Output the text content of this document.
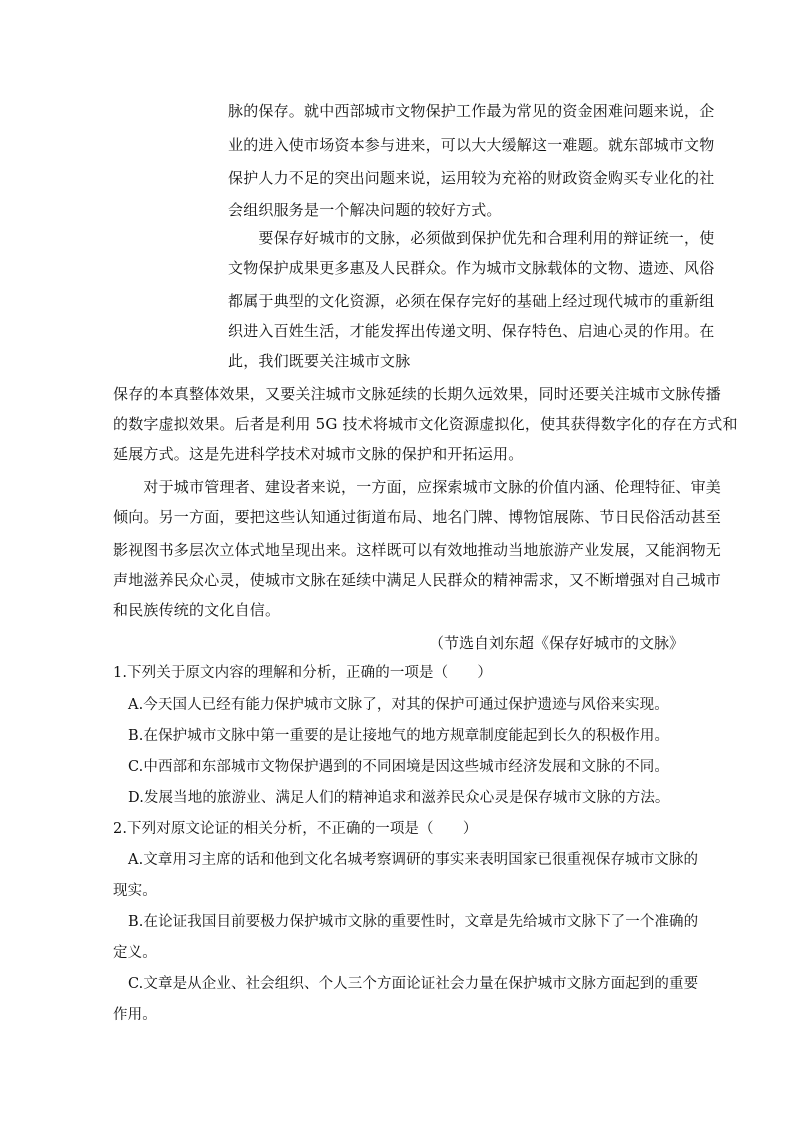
脉的保存。就中西部城市文物保护工作最为常见的资金困难问题来说，企
业的进入使市场资本参与进来，可以大大缓解这一难题。就东部城市文物
保护人力不足的突出问题来说，运用较为充裕的财政资金购买专业化的社
会组织服务是一个解决问题的较好方式。
　　要保存好城市的文脉，必须做到保护优先和合理利用的辩证统一，使
文物保护成果更多惠及人民群众。作为城市文脉载体的文物、遗迹、风俗
都属于典型的文化资源，必须在保存完好的基础上经过现代城市的重新组
织进入百姓生活，才能发挥出传递文明、保存特色、启迪心灵的作用。在
此，我们既要关注城市文脉
保存的本真整体效果，又要关注城市文脉延续的长期久远效果，同时还要关注城市文脉传播
的数字虚拟效果。后者是利用 5G 技术将城市文化资源虚拟化，使其获得数字化的存在方式和
延展方式。这是先进科学技术对城市文脉的保护和开拓运用。
　　对于城市管理者、建设者来说，一方面，应探索城市文脉的价值内涵、伦理特征、审美
倾向。另一方面，要把这些认知通过街道布局、地名门牌、博物馆展陈、节日民俗活动甚至
影视图书多层次立体式地呈现出来。这样既可以有效地推动当地旅游产业发展，又能润物无
声地滋养民众心灵，使城市文脉在延续中满足人民群众的精神需求，又不断增强对自己城市
和民族传统的文化自信。
（节选自刘东超《保存好城市的文脉》
1.下列关于原文内容的理解和分析，正确的一项是（　　）
A.今天国人已经有能力保护城市文脉了，对其的保护可通过保护遗迹与风俗来实现。
B.在保护城市文脉中第一重要的是让接地气的地方规章制度能起到长久的积极作用。
C.中西部和东部城市文物保护遇到的不同困境是因这些城市经济发展和文脉的不同。
D.发展当地的旅游业、满足人们的精神追求和滋养民众心灵是保存城市文脉的方法。
2.下列对原文论证的相关分析，不正确的一项是（　　）
A.文章用习主席的话和他到文化名城考察调研的事实来表明国家已很重视保存城市文脉的
现实。
B.在论证我国目前要极力保护城市文脉的重要性时，文章是先给城市文脉下了一个准确的
定义。
C.文章是从企业、社会组织、个人三个方面论证社会力量在保护城市文脉方面起到的重要
作用。
